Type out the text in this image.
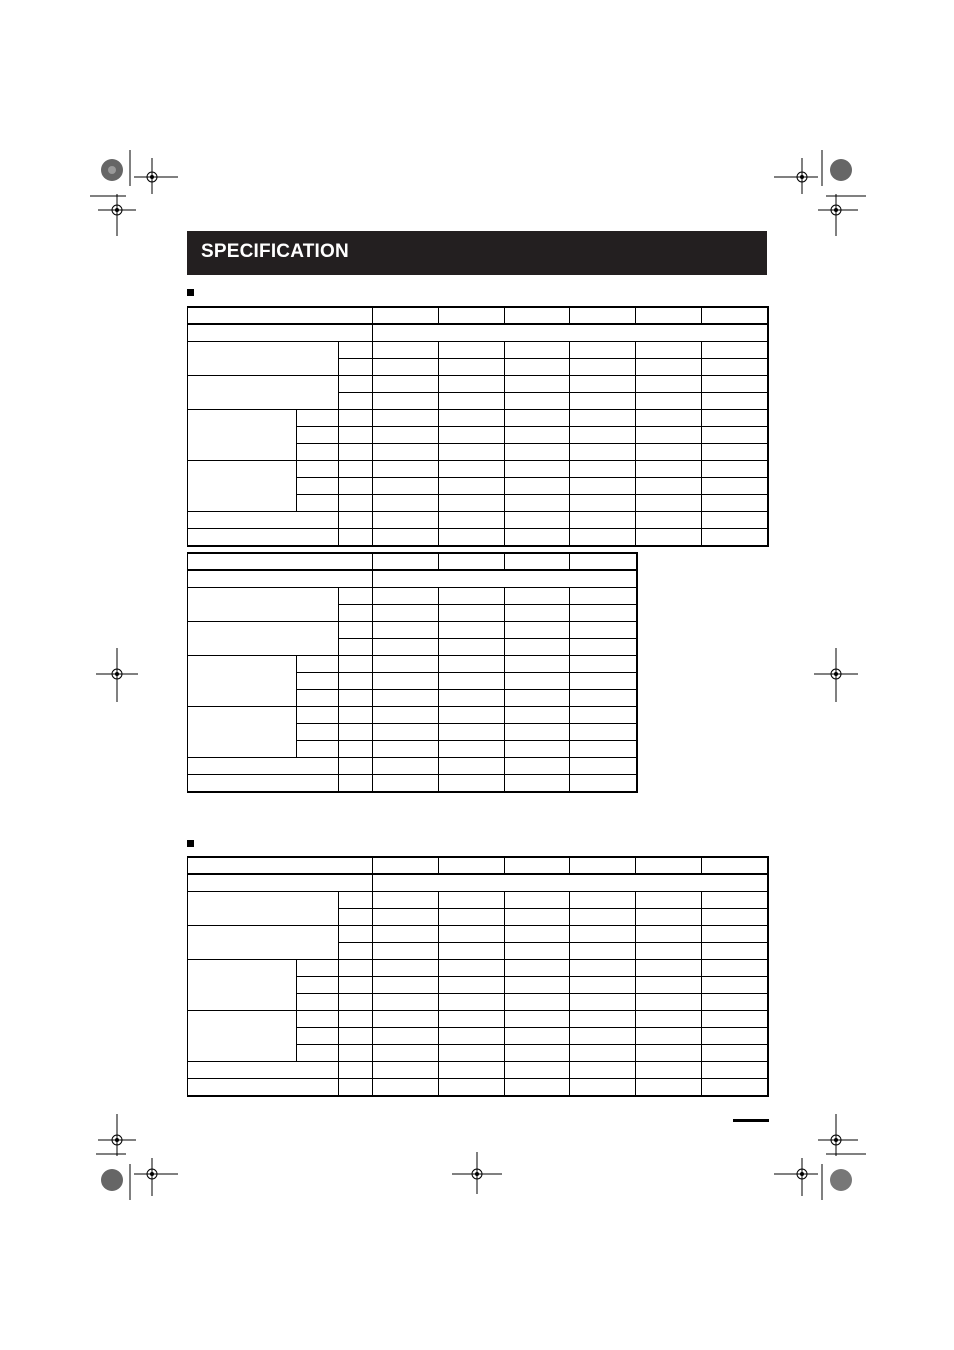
SPECIFICATION
